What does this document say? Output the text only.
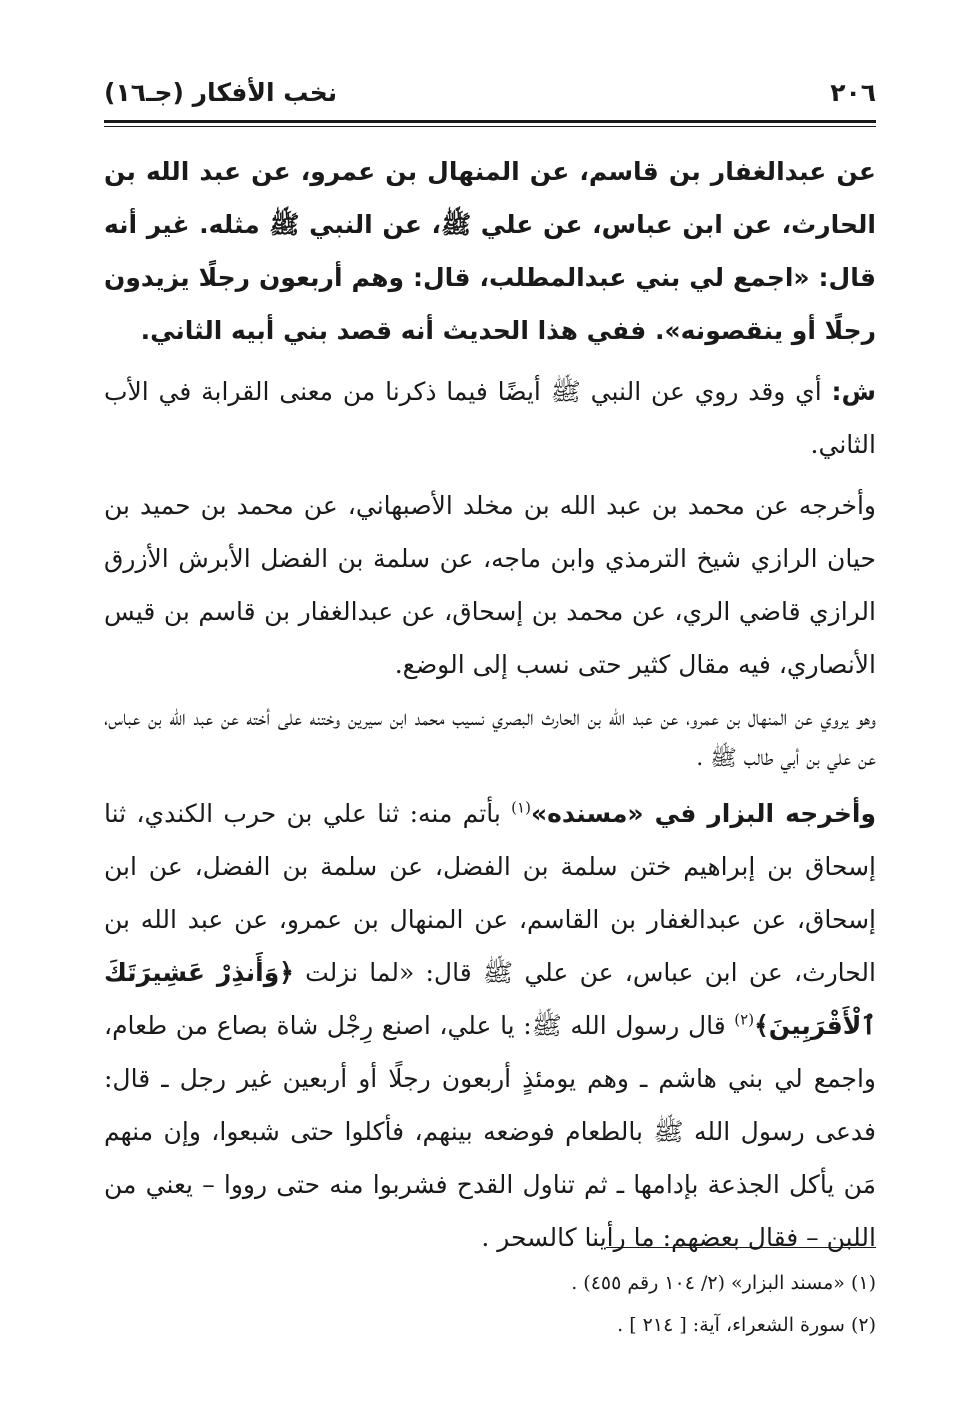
٢٠٦
نخب الأفكار (جـ١٦)

عن عبدالغفار بن قاسم، عن المنهال بن عمرو، عن عبد الله بن الحارث، عن ابن عباس، عن علي ﷺ، عن النبي ﷺ مثله. غير أنه قال: «اجمع لي بني عبدالمطلب، قال: وهم أربعون رجلًا يزيدون رجلًا أو ينقصونه». ففي هذا الحديث أنه قصد بني أبيه الثاني.

ش: أي وقد روي عن النبي ﷺ أيضًا فيما ذكرنا من معنى القرابة في الأب الثاني.

وأخرجه عن محمد بن عبد الله بن مخلد الأصبهاني، عن محمد بن حميد بن حيان الرازي شيخ الترمذي وابن ماجه، عن سلمة بن الفضل الأبرش الأزرق الرازي قاضي الري، عن محمد بن إسحاق، عن عبدالغفار بن قاسم بن قيس الأنصاري، فيه مقال كثير حتى نسب إلى الوضع.

وهو يروي عن المنهال بن عمرو، عن عبد الله بن الحارث البصري نسيب محمد ابن سيرين وختنه على أخته عن عبد الله بن عباس، عن علي بن أبي طالب ﷺ .

وأخرجه البزار في «مسنده»$^{(١)}$ بأتم منه: ثنا علي بن حرب الكندي، ثنا إسحاق بن إبراهيم ختن سلمة بن الفضل، عن سلمة بن الفضل، عن ابن إسحاق، عن عبدالغفار بن القاسم، عن المنهال بن عمرو، عن عبد الله بن الحارث، عن ابن عباس، عن علي ﷺ قال: «لما نزلت ﴿وَأَنذِرْ عَشِيرَتَكَ ٱلْأَقْرَبِينَ﴾$^{(٢)}$ قال رسول الله ﷺ: يا علي، اصنع رِجْل شاة بصاع من طعام، واجمع لي بني هاشم ـ وهم يومئذٍ أربعون رجلًا أو أربعين غير رجل ـ قال: فدعى رسول الله ﷺ بالطعام فوضعه بينهم، فأكلوا حتى شبعوا، وإن منهم مَن يأكل الجذعة بإدامها ـ ثم تناول القدح فشربوا منه حتى رووا – يعني من اللبن – فقال بعضهم: ما رأينا كالسحر .

(١) «مسند البزار» (٢/ ١٠٤ رقم ٤٥٥) .

(٢) سورة الشعراء، آية: [ ٢١٤ ] .
